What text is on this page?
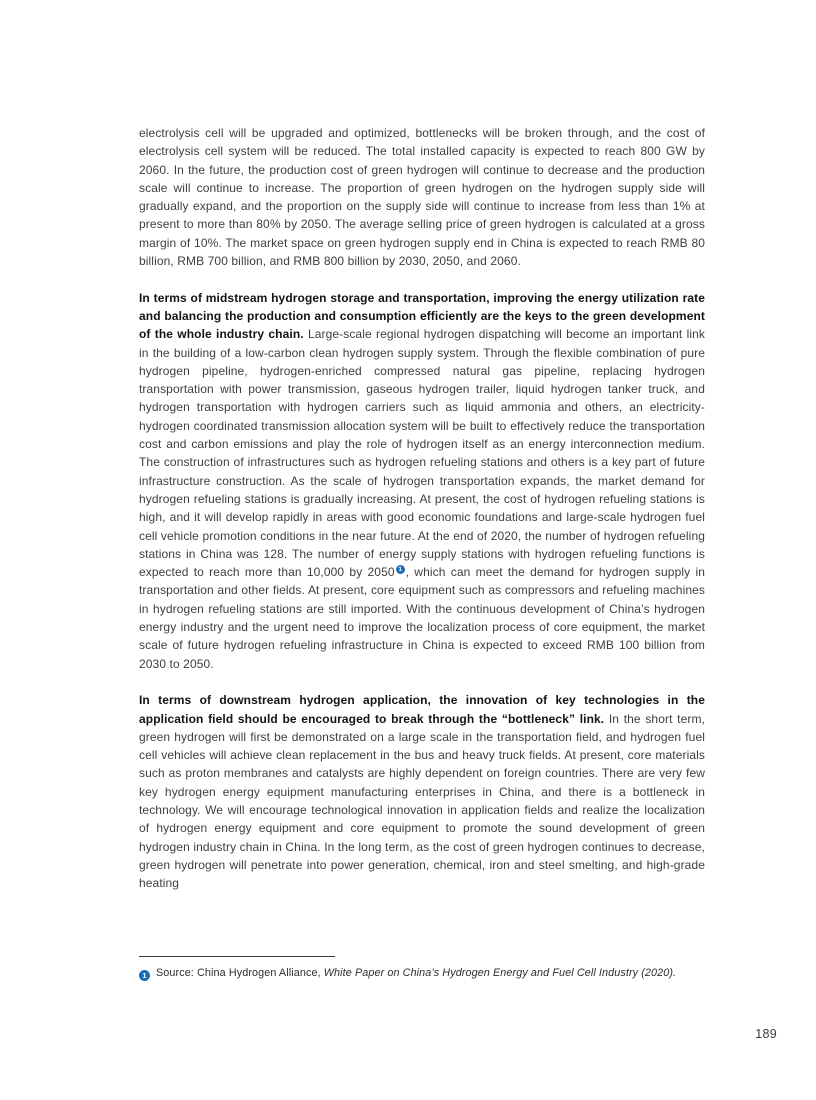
electrolysis cell will be upgraded and optimized, bottlenecks will be broken through, and the cost of electrolysis cell system will be reduced. The total installed capacity is expected to reach 800 GW by 2060. In the future, the production cost of green hydrogen will continue to decrease and the production scale will continue to increase. The proportion of green hydrogen on the hydrogen supply side will gradually expand, and the proportion on the supply side will continue to increase from less than 1% at present to more than 80% by 2050. The average selling price of green hydrogen is calculated at a gross margin of 10%. The market space on green hydrogen supply end in China is expected to reach RMB 80 billion, RMB 700 billion, and RMB 800 billion by 2030, 2050, and 2060.

In terms of midstream hydrogen storage and transportation, improving the energy utilization rate and balancing the production and consumption efficiently are the keys to the green development of the whole industry chain. Large-scale regional hydrogen dispatching will become an important link in the building of a low-carbon clean hydrogen supply system. Through the flexible combination of pure hydrogen pipeline, hydrogen-enriched compressed natural gas pipeline, replacing hydrogen transportation with power transmission, gaseous hydrogen trailer, liquid hydrogen tanker truck, and hydrogen transportation with hydrogen carriers such as liquid ammonia and others, an electricity-hydrogen coordinated transmission allocation system will be built to effectively reduce the transportation cost and carbon emissions and play the role of hydrogen itself as an energy interconnection medium. The construction of infrastructures such as hydrogen refueling stations and others is a key part of future infrastructure construction. As the scale of hydrogen transportation expands, the market demand for hydrogen refueling stations is gradually increasing. At present, the cost of hydrogen refueling stations is high, and it will develop rapidly in areas with good economic foundations and large-scale hydrogen fuel cell vehicle promotion conditions in the near future. At the end of 2020, the number of hydrogen refueling stations in China was 128. The number of energy supply stations with hydrogen refueling functions is expected to reach more than 10,000 by 2050 1 , which can meet the demand for hydrogen supply in transportation and other fields. At present, core equipment such as compressors and refueling machines in hydrogen refueling stations are still imported. With the continuous development of China’s hydrogen energy industry and the urgent need to improve the localization process of core equipment, the market scale of future hydrogen refueling infrastructure in China is expected to exceed RMB 100 billion from 2030 to 2050.

In terms of downstream hydrogen application, the innovation of key technologies in the application field should be encouraged to break through the “bottleneck” link. In the short term, green hydrogen will first be demonstrated on a large scale in the transportation field, and hydrogen fuel cell vehicles will achieve clean replacement in the bus and heavy truck fields. At present, core materials such as proton membranes and catalysts are highly dependent on foreign countries. There are very few key hydrogen energy equipment manufacturing enterprises in China, and there is a bottleneck in technology. We will encourage technological innovation in application fields and realize the localization of hydrogen energy equipment and core equipment to promote the sound development of green hydrogen industry chain in China. In the long term, as the cost of green hydrogen continues to decrease, green hydrogen will penetrate into power generation, chemical, iron and steel smelting, and high-grade heating

1 Source: China Hydrogen Alliance, White Paper on China’s Hydrogen Energy and Fuel Cell Industry (2020).
189
